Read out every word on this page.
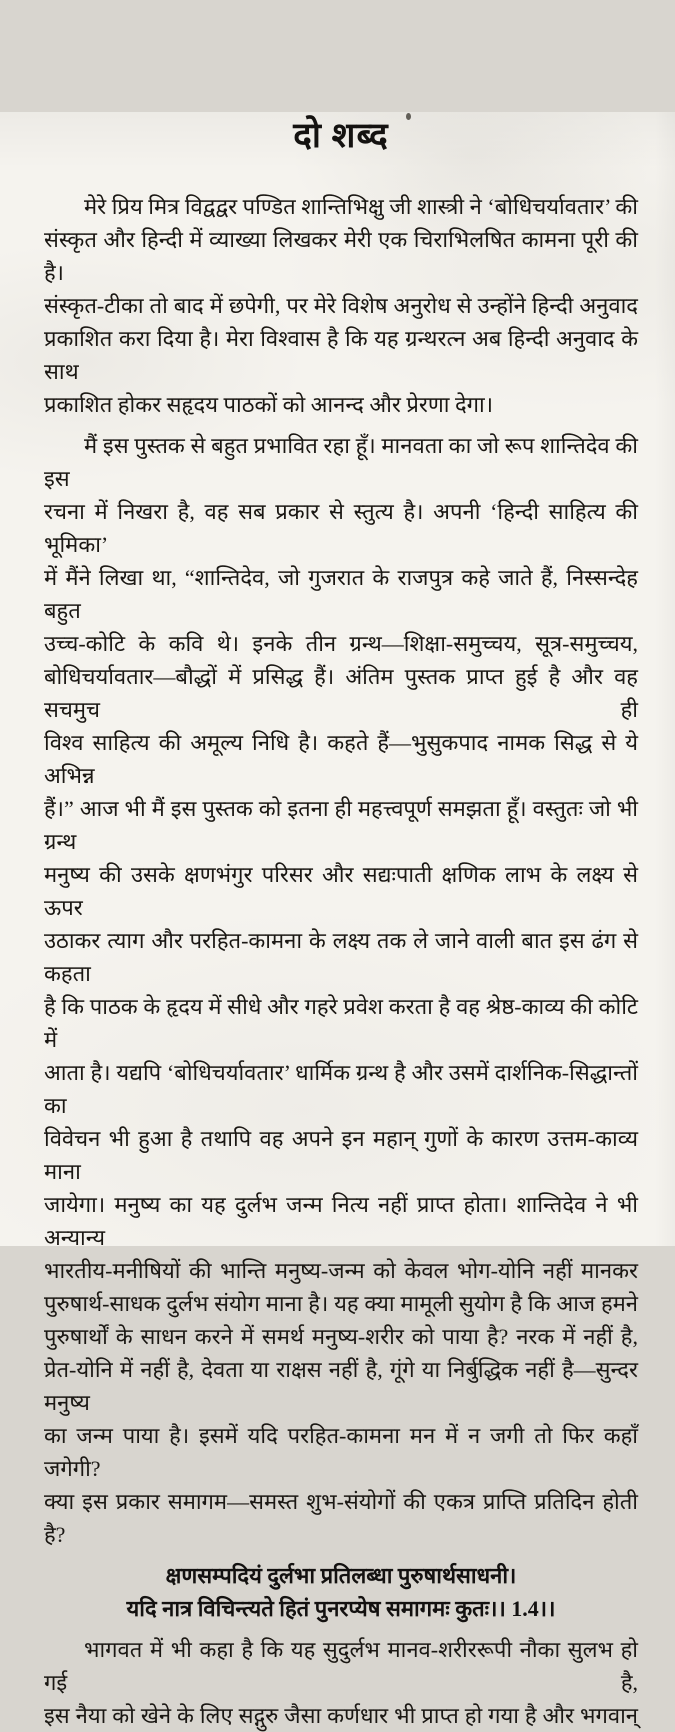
दो शब्द
मेरे प्रिय मित्र विद्वद्वर पण्डित शान्तिभिक्षु जी शास्त्री ने ‘बोधिचर्यावतार’ की
संस्कृत और हिन्दी में व्याख्या लिखकर मेरी एक चिराभिलषित कामना पूरी की है।
संस्कृत-टीका तो बाद में छपेगी, पर मेरे विशेष अनुरोध से उन्होंने हिन्दी अनुवाद
प्रकाशित करा दिया है। मेरा विश्वास है कि यह ग्रन्थरत्न अब हिन्दी अनुवाद के साथ
प्रकाशित होकर सहृदय पाठकों को आनन्द और प्रेरणा देगा।
मैं इस पुस्तक से बहुत प्रभावित रहा हूँ। मानवता का जो रूप शान्तिदेव की इस
रचना में निखरा है, वह सब प्रकार से स्तुत्य है। अपनी ‘हिन्दी साहित्य की भूमिका’
में मैंने लिखा था, “शान्तिदेव, जो गुजरात के राजपुत्र कहे जाते हैं, निस्सन्देह बहुत
उच्च-कोटि के कवि थे। इनके तीन ग्रन्थ—शिक्षा-समुच्चय, सूत्र-समुच्चय,
बोधिचर्यावतार—बौद्धों में प्रसिद्ध हैं। अंतिम पुस्तक प्राप्त हुई है और वह सचमुच ही
विश्व साहित्य की अमूल्य निधि है। कहते हैं—भुसुकपाद नामक सिद्ध से ये अभिन्न
हैं।” आज भी मैं इस पुस्तक को इतना ही महत्त्वपूर्ण समझता हूँ। वस्तुतः जो भी ग्रन्थ
मनुष्य की उसके क्षणभंगुर परिसर और सद्यःपाती क्षणिक लाभ के लक्ष्य से ऊपर
उठाकर त्याग और परहित-कामना के लक्ष्य तक ले जाने वाली बात इस ढंग से कहता
है कि पाठक के हृदय में सीधे और गहरे प्रवेश करता है वह श्रेष्ठ-काव्य की कोटि में
आता है। यद्यपि ‘बोधिचर्यावतार’ धार्मिक ग्रन्थ है और उसमें दार्शनिक-सिद्धान्तों का
विवेचन भी हुआ है तथापि वह अपने इन महान् गुणों के कारण उत्तम-काव्य माना
जायेगा। मनुष्य का यह दुर्लभ जन्म नित्य नहीं प्राप्त होता। शान्तिदेव ने भी अन्यान्य
भारतीय-मनीषियों की भान्ति मनुष्य-जन्म को केवल भोग-योनि नहीं मानकर
पुरुषार्थ-साधक दुर्लभ संयोग माना है। यह क्या मामूली सुयोग है कि आज हमने
पुरुषार्थों के साधन करने में समर्थ मनुष्य-शरीर को पाया है? नरक में नहीं है,
प्रेत-योनि में नहीं है, देवता या राक्षस नहीं है, गूंगे या निर्बुद्धिक नहीं है—सुन्दर मनुष्य
का जन्म पाया है। इसमें यदि परहित-कामना मन में न जगी तो फिर कहाँ जगेगी?
क्या इस प्रकार समागम—समस्त शुभ-संयोगों की एकत्र प्राप्ति प्रतिदिन होती है?
क्षणसम्पदियं दुर्लभा प्रतिलब्धा पुरुषार्थसाधनी।
यदि नात्र विचिन्त्यते हितं पुनरप्येष समागमः कुतः।। 1.4।।
भागवत में भी कहा है कि यह सुदुर्लभ मानव-शरीररूपी नौका सुलभ हो गई है,
इस नैया को खेने के लिए सद्गुरु जैसा कर्णधार भी प्राप्त हो गया है और भगवान्
